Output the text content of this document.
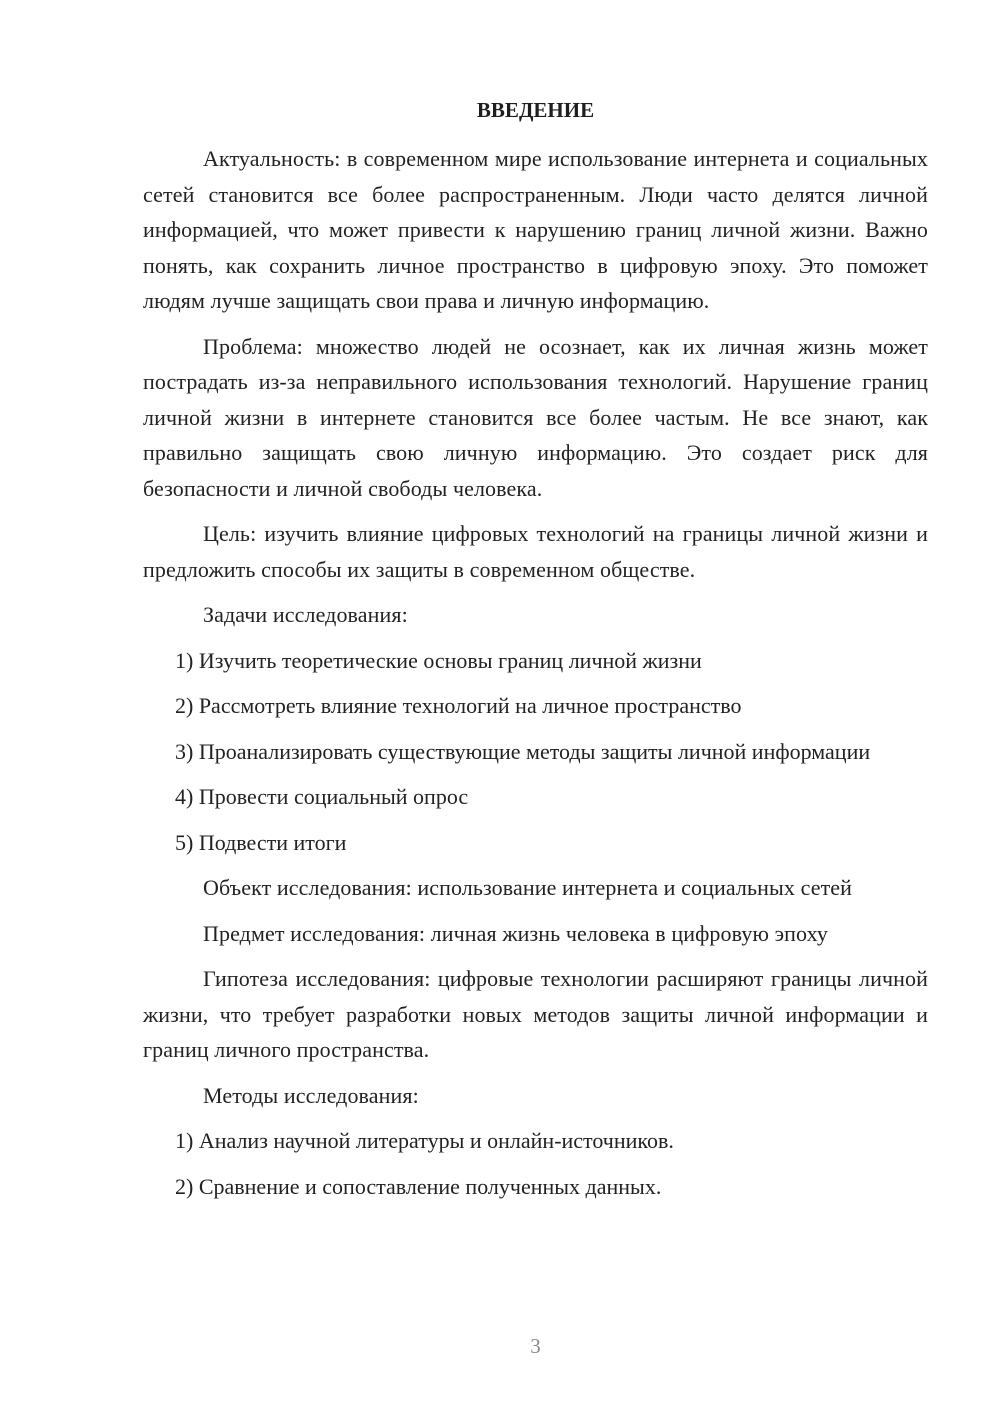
ВВЕДЕНИЕ

Актуальность: в современном мире использование интернета и социальных сетей становится все более распространенным. Люди часто делятся личной информацией, что может привести к нарушению границ личной жизни. Важно понять, как сохранить личное пространство в цифровую эпоху. Это поможет людям лучше защищать свои права и личную информацию.

Проблема: множество людей не осознает, как их личная жизнь может пострадать из-за неправильного использования технологий. Нарушение границ личной жизни в интернете становится все более частым. Не все знают, как правильно защищать свою личную информацию. Это создает риск для безопасности и личной свободы человека.

Цель: изучить влияние цифровых технологий на границы личной жизни и предложить способы их защиты в современном обществе.

Задачи исследования:

1) Изучить теоретические основы границ личной жизни

2) Рассмотреть влияние технологий на личное пространство

3) Проанализировать существующие методы защиты личной информации

4) Провести социальный опрос

5) Подвести итоги

Объект исследования: использование интернета и социальных сетей

Предмет исследования: личная жизнь человека в цифровую эпоху

Гипотеза исследования: цифровые технологии расширяют границы личной жизни, что требует разработки новых методов защиты личной информации и границ личного пространства.

Методы исследования:

1) Анализ научной литературы и онлайн-источников.

2) Сравнение и сопоставление полученных данных.

3
